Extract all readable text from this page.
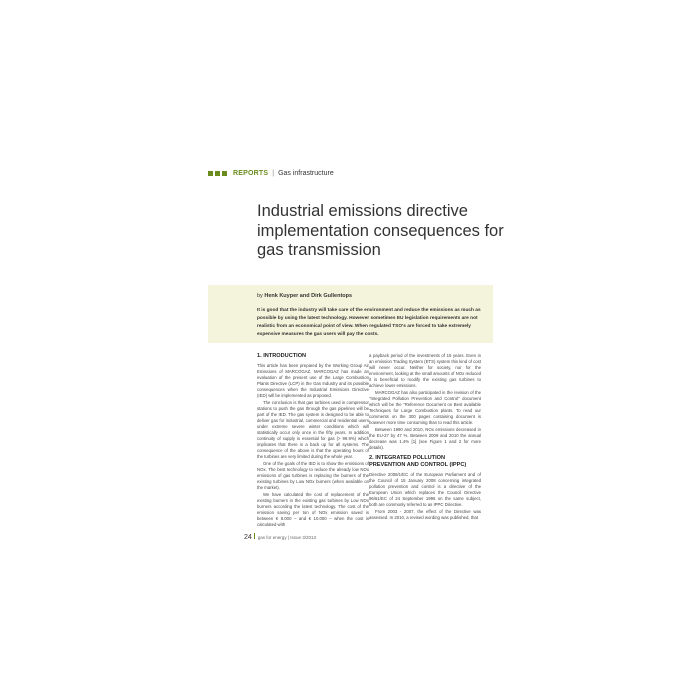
REPORTS | Gas infrastructure
Industrial emissions directive implementation consequences for gas transmission
by Henk Kuyper and Dirk Gullentops

It is good that the industry will take care of the environment and reduce the emissions as much as possible by using the latest technology. However sometimes EU legislation requirements are not realistic from an economical point of view. When regulated TSO's are forced to take extremely expensive measures the gas users will pay the costs.

1. INTRODUCTION

This article has been prepared by the Working Group Air Emissions of MARCOGAZ. MARCOGAZ has made an evaluation of the present use of the Large Combustion Plants Directive (LCP) in the Gas Industry and its possible consequences when the Industrial Emissions Directive (IED) will be implemented as proposed.

The conclusion is that gas turbines used in compressor stations to push the gas through the gas pipelines will be part of the IED. The gas system is designed to be able to deliver gas for industrial, commercial and residential users under extreme severe winter conditions which will statistically occur only once in the fifty years. In addition continuity of supply is essential for gas (> 99.9%) which implicates that there is a back up for all systems. The consequence of the above is that the operating hours of the turbines are very limited during the whole year.

One of the goals of the IED is to show the emissions of NOx. The best technology to reduce the already low NOx emissions of gas turbines is replacing the burners of the existing turbines by Low NOx burners (when available on the market).

We have calculated the cost of replacement of the existing burners in the existing gas turbines by Low NOx burners according the latest technology. The cost of the emission saving per ton of NOx emission saved is between € 8.000 – and € 10.000 – when the cost is calculated with

a payback period of the investments of 15 years. Even in an emission Trading System (ETS) system this kind of cost will never occur. Neither for society, nor for the environment, looking at the small amounts of NOx reduced it is beneficial to modify the existing gas turbines to achieve lower emissions.

MARCOGAZ has also participated in the revision of the "Integrated Pollution Prevention and Control" document which will be the "Reference Document on Best available Techniques for Large Combustion plants. To read our comments on the 300 pages containing document is however more time consuming than to read this article.

Between 1990 and 2010, NOx emissions decreased in the EU-27 by 47 %. Between 2009 and 2010 the annual decrease was 1.4% [1] (see Figure 1 and 2 for more details).

2. INTEGRATED POLLUTION PREVENTION AND CONTROL (IPPC)

Directive 2008/1/EC of the European Parliament and of the Council of 15 January 2008 concerning integrated pollution prevention and control is a directive of the European Union which replaces the Council Directive 96/61/EC of 24 September 1996 on the same subject, both are commonly referred to as IPPC Directive.

From 2003 - 2007, the effect of the Directive was assessed. In 2010, a revised wording was published, that

24 gas for energy | Issue 3/2013
